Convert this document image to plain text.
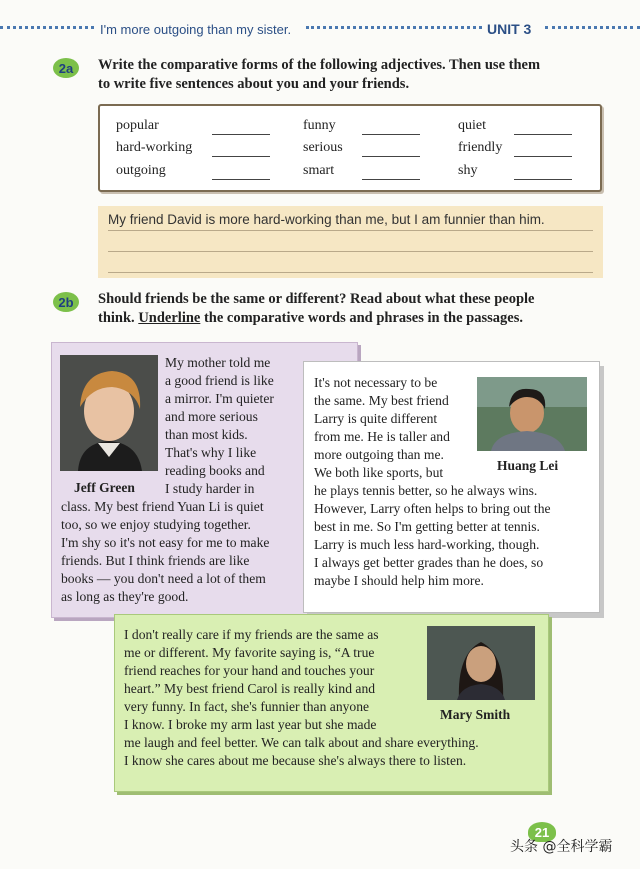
I'm more outgoing than my sister.	UNIT 3
2a	Write the comparative forms of the following adjectives. Then use them
to write five sentences about you and your friends.
popular	funny	quiet
hard-working	serious	friendly
outgoing	smart	shy
My friend David is more hard-working than me, but I am funnier than him.
2b	Should friends be the same or different? Read about what these people
think. Underline the comparative words and phrases in the passages.
Jeff Green
My mother told me
a good friend is like
a mirror. I'm quieter
and more serious
than most kids.
That's why I like
reading books and
I study harder in
class. My best friend Yuan Li is quiet
too, so we enjoy studying together.
I'm shy so it's not easy for me to make
friends. But I think friends are like
books — you don't need a lot of them
as long as they're good.
Huang Lei
It's not necessary to be
the same. My best friend
Larry is quite different
from me. He is taller and
more outgoing than me.
We both like sports, but
he plays tennis better, so he always wins.
However, Larry often helps to bring out the
best in me. So I'm getting better at tennis.
Larry is much less hard-working, though.
I always get better grades than he does, so
maybe I should help him more.
Mary Smith
I don't really care if my friends are the same as
me or different. My favorite saying is, “A true
friend reaches for your hand and touches your
heart.” My best friend Carol is really kind and
very funny. In fact, she's funnier than anyone
I know. I broke my arm last year but she made
me laugh and feel better. We can talk about and share everything.
I know she cares about me because she's always there to listen.
21
头条 @全科学霸
